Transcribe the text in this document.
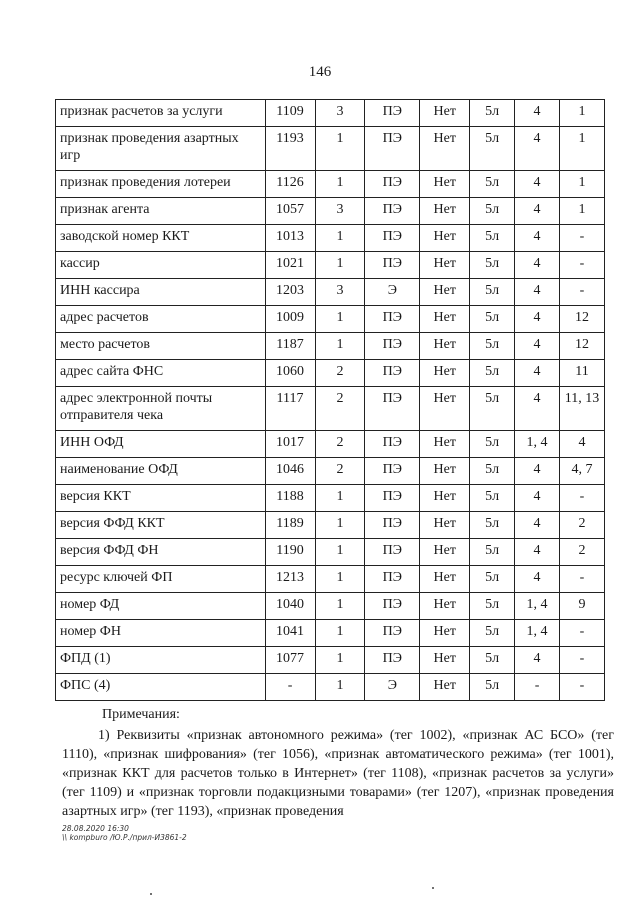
146
признак расчетов за услуги	1109	3	ПЭ	Нет	5л	4	1
признак проведения азартных игр	1193	1	ПЭ	Нет	5л	4	1
признак проведения лотереи	1126	1	ПЭ	Нет	5л	4	1
признак агента	1057	3	ПЭ	Нет	5л	4	1
заводской номер ККТ	1013	1	ПЭ	Нет	5л	4	-
кассир	1021	1	ПЭ	Нет	5л	4	-
ИНН кассира	1203	3	Э	Нет	5л	4	-
адрес расчетов	1009	1	ПЭ	Нет	5л	4	12
место расчетов	1187	1	ПЭ	Нет	5л	4	12
адрес сайта ФНС	1060	2	ПЭ	Нет	5л	4	11
адрес электронной почты отправителя чека	1117	2	ПЭ	Нет	5л	4	11, 13
ИНН ОФД	1017	2	ПЭ	Нет	5л	1, 4	4
наименование ОФД	1046	2	ПЭ	Нет	5л	4	4, 7
версия ККТ	1188	1	ПЭ	Нет	5л	4	-
версия ФФД ККТ	1189	1	ПЭ	Нет	5л	4	2
версия ФФД ФН	1190	1	ПЭ	Нет	5л	4	2
ресурс ключей ФП	1213	1	ПЭ	Нет	5л	4	-
номер ФД	1040	1	ПЭ	Нет	5л	1, 4	9
номер ФН	1041	1	ПЭ	Нет	5л	1, 4	-
ФПД (1)	1077	1	ПЭ	Нет	5л	4	-
ФПС (4)	-	1	Э	Нет	5л	-	-
Примечания:
1) Реквизиты «признак автономного режима» (тег 1002), «признак АС БСО» (тег 1110), «признак шифрования» (тег 1056), «признак автоматического режима» (тег 1001), «признак ККТ для расчетов только в Интернет» (тег 1108), «признак расчетов за услуги» (тег 1109) и «признак торговли подакцизными товарами» (тег 1207), «признак проведения азартных игр» (тег 1193), «признак проведения
28.08.2020 16:30
\\ kompburo /Ю.Р./прил-И3861-2
